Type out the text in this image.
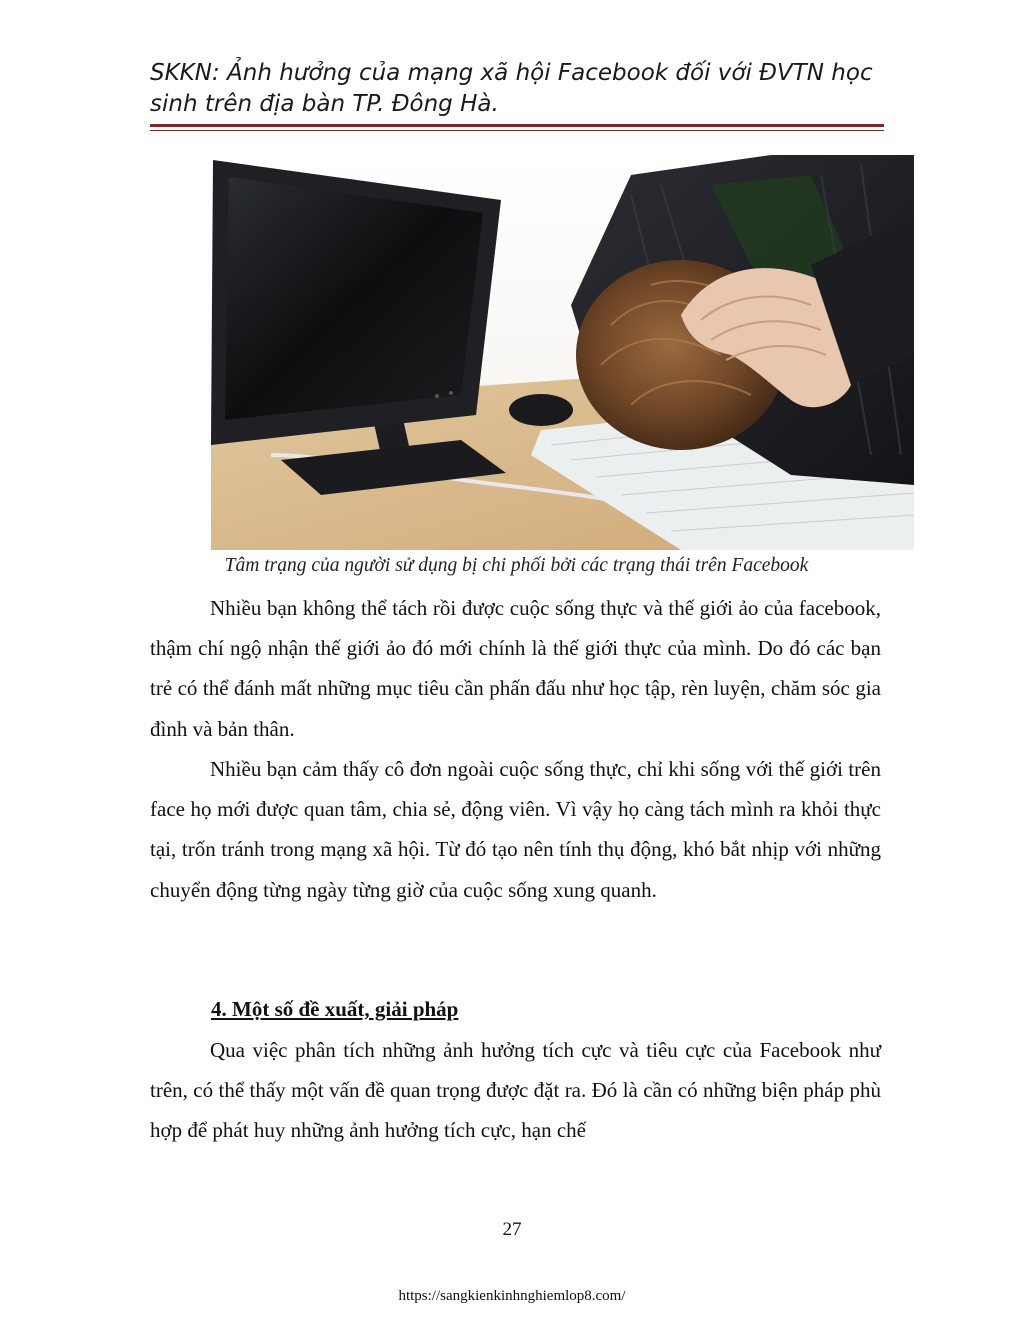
SKKN: Ảnh hưởng của mạng xã hội Facebook đối với ĐVTN học sinh trên địa bàn TP. Đông Hà.
Tâm trạng của người sử dụng bị chi phối bởi các trạng thái trên Facebook

Nhiều bạn không thể tách rồi được cuộc sống thực và thế giới ảo của facebook, thậm chí ngộ nhận thế giới ảo đó mới chính là thế giới thực của mình. Do đó các bạn trẻ có thể đánh mất những mục tiêu cần phấn đấu như học tập, rèn luyện, chăm sóc gia đình và bản thân.

Nhiều bạn cảm thấy cô đơn ngoài cuộc sống thực, chỉ khi sống với thế giới trên face họ mới được quan tâm, chia sẻ, động viên. Vì vậy họ càng tách mình ra khỏi thực tại, trốn tránh trong mạng xã hội. Từ đó tạo nên tính thụ động, khó bắt nhịp với những chuyển động từng ngày từng giờ của cuộc sống xung quanh.

4. Một số đề xuất, giải pháp

Qua việc phân tích những ảnh hưởng tích cực và tiêu cực của Facebook như trên, có thể thấy một vấn đề quan trọng được đặt ra. Đó là cần có những biện pháp phù hợp để phát huy những ảnh hưởng tích cực, hạn chế

27
https://sangkienkinhnghiemlop8.com/
